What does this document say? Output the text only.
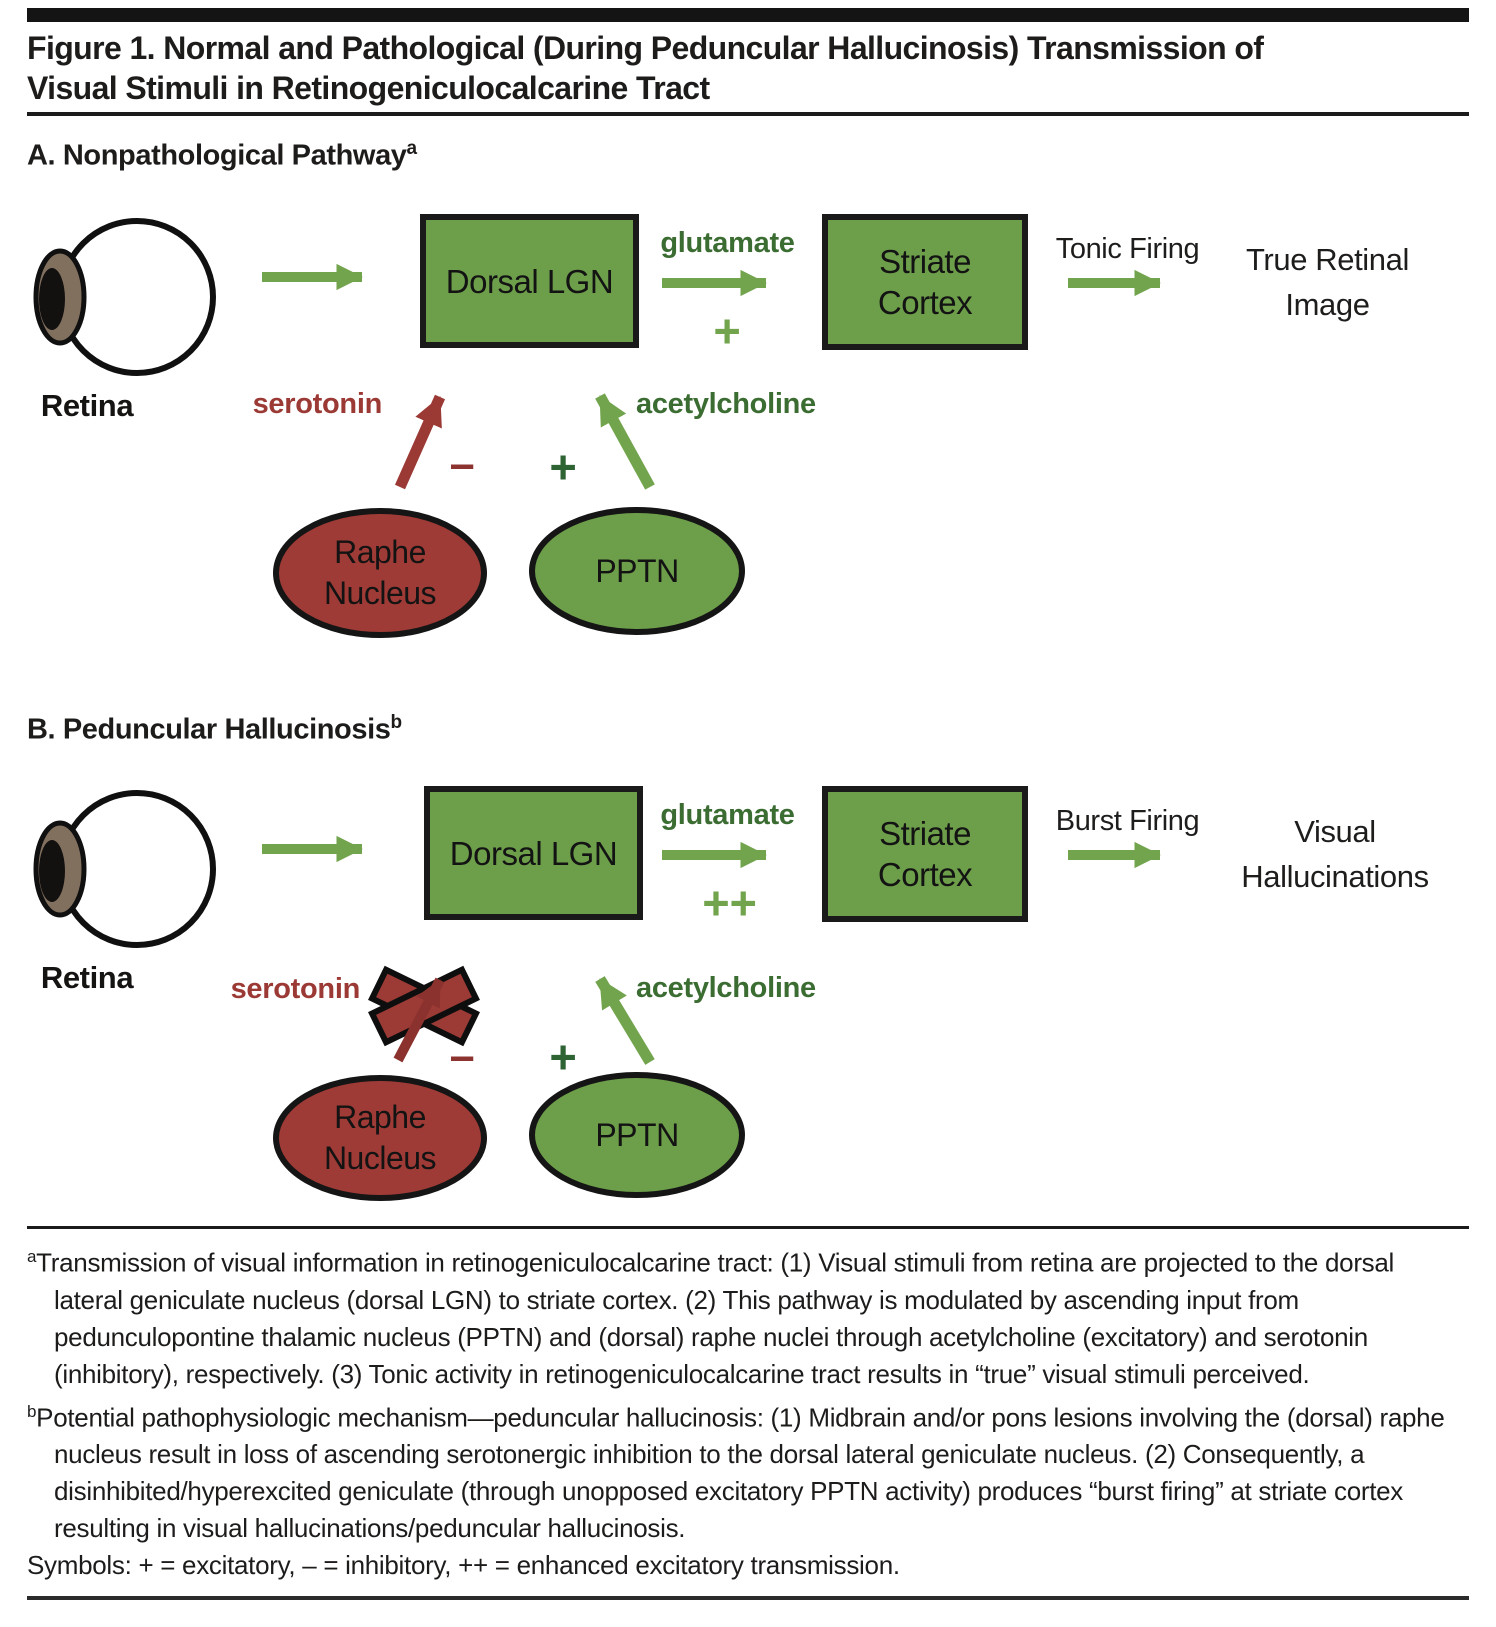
Figure 1. Normal and Pathological (During Peduncular Hallucinosis) Transmission of
Visual Stimuli in Retinogeniculocalcarine Tract
A. Nonpathological Pathway$^a$
Retina
Dorsal LGN
glutamate
+
Striate
Cortex
Tonic Firing	True Retinal
Image
serotonin
–	+
acetylcholine
Raphe
Nucleus
PPTN
B. Peduncular Hallucinosis$^b$
Retina
Dorsal LGN
glutamate
++
Striate
Cortex
Burst Firing	Visual
Hallucinations
serotonin
–	+
acetylcholine
Raphe
Nucleus
PPTN

$^a$Transmission of visual information in retinogeniculocalcarine tract: (1) Visual stimuli from retina are projected to the dorsal lateral geniculate nucleus (dorsal LGN) to striate cortex. (2) This pathway is modulated by ascending input from pedunculopontine thalamic nucleus (PPTN) and (dorsal) raphe nuclei through acetylcholine (excitatory) and serotonin (inhibitory), respectively. (3) Tonic activity in retinogeniculocalcarine tract results in “true” visual stimuli perceived.

$^b$Potential pathophysiologic mechanism—peduncular hallucinosis: (1) Midbrain and/or pons lesions involving the (dorsal) raphe nucleus result in loss of ascending serotonergic inhibition to the dorsal lateral geniculate nucleus. (2) Consequently, a disinhibited/hyperexcited geniculate (through unopposed excitatory PPTN activity) produces “burst firing” at striate cortex resulting in visual hallucinations/peduncular hallucinosis.

Symbols: + = excitatory, – = inhibitory, ++ = enhanced excitatory transmission.
